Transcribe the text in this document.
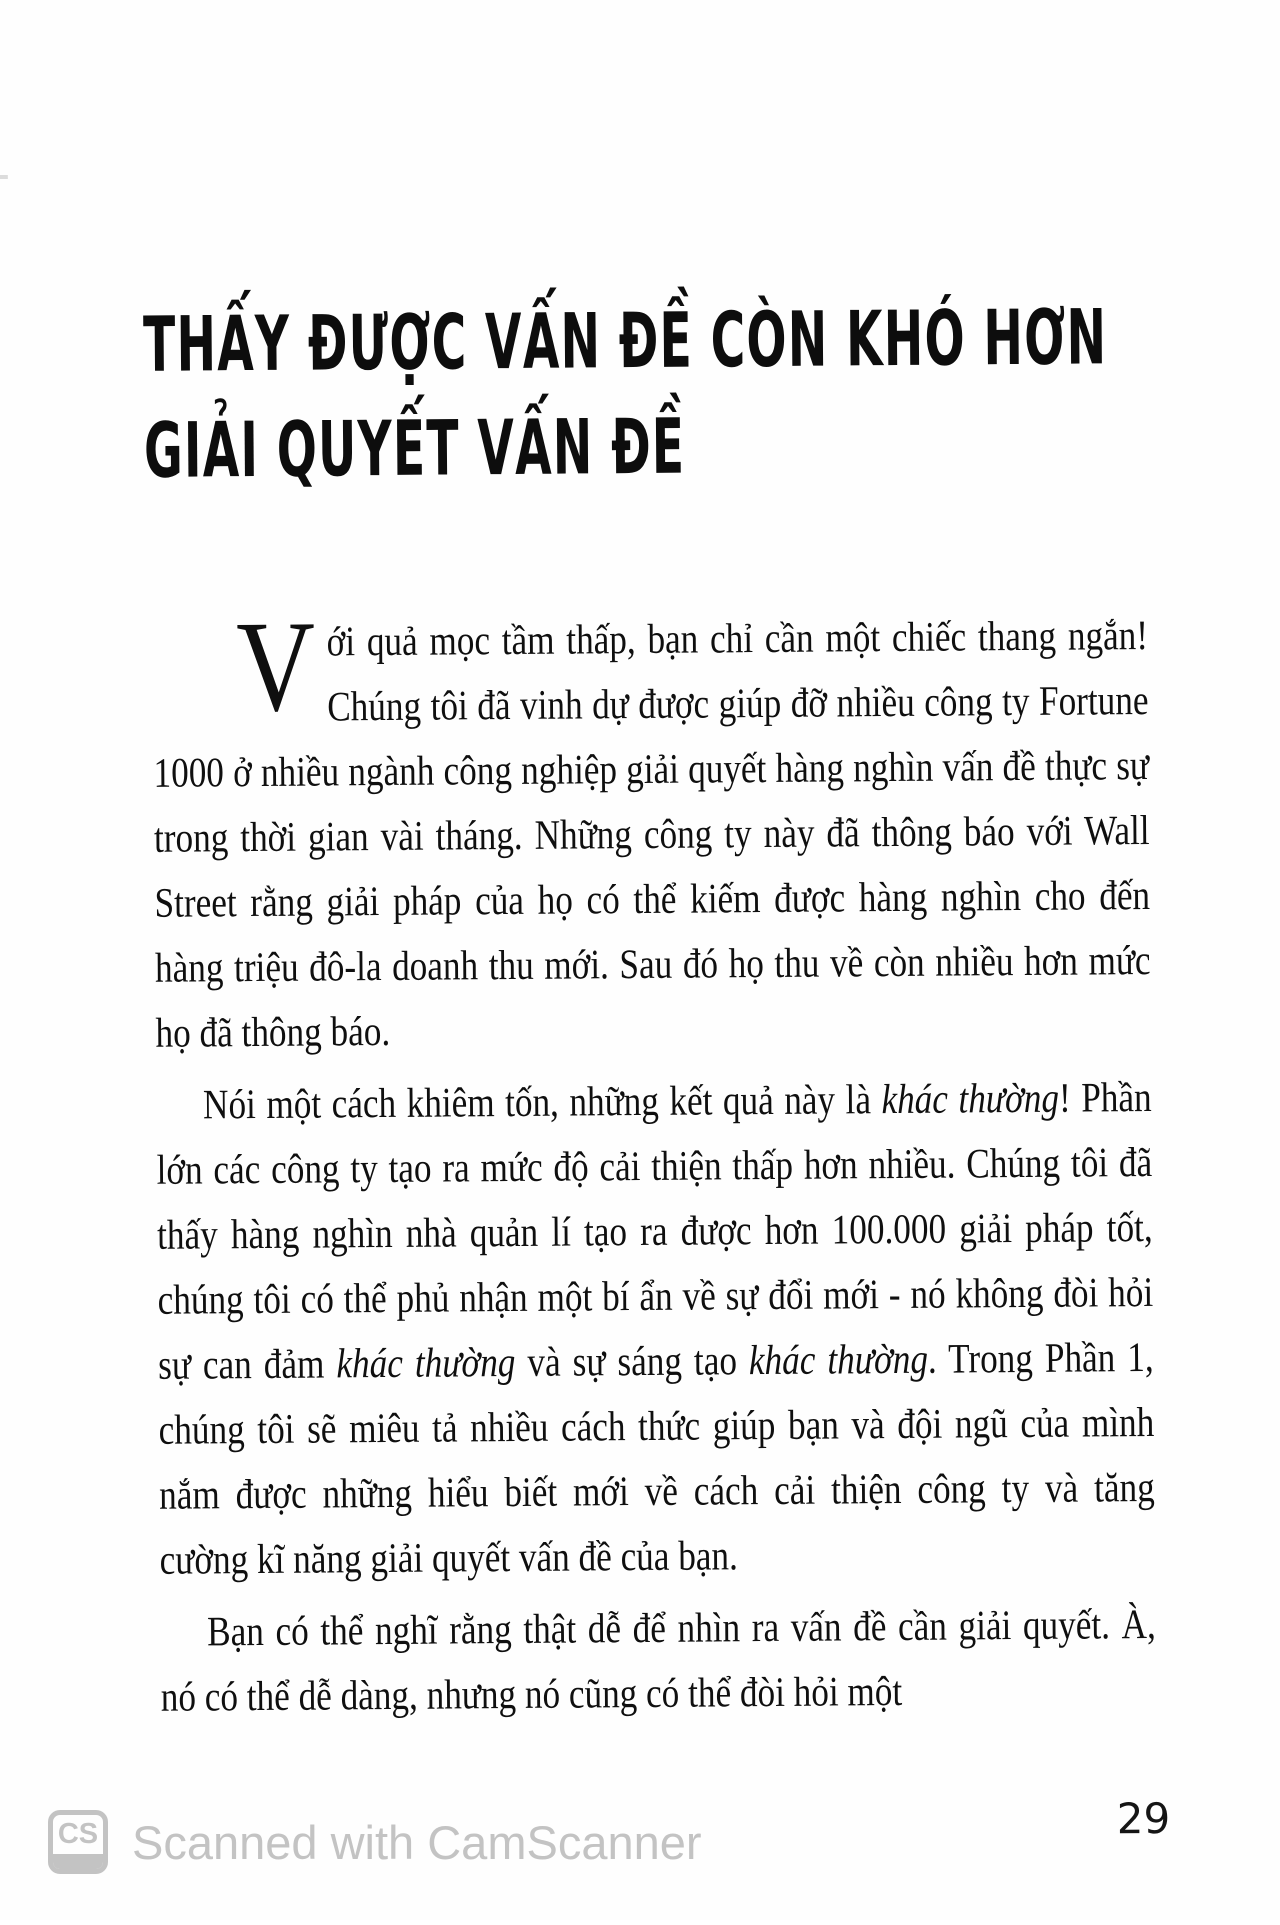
THẤY ĐƯỢC VẤN ĐỀ CÒN KHÓ HƠN
GIẢI QUYẾT VẤN ĐỀ

Với quả mọc tầm thấp, bạn chỉ cần một chiếc thang ngắn! Chúng tôi đã vinh dự được giúp đỡ nhiều công ty Fortune 1000 ở nhiều ngành công nghiệp giải quyết hàng nghìn vấn đề thực sự trong thời gian vài tháng. Những công ty này đã thông báo với Wall Street rằng giải pháp của họ có thể kiếm được hàng nghìn cho đến hàng triệu đô-la doanh thu mới. Sau đó họ thu về còn nhiều hơn mức họ đã thông báo.

Nói một cách khiêm tốn, những kết quả này là khác thường! Phần lớn các công ty tạo ra mức độ cải thiện thấp hơn nhiều. Chúng tôi đã thấy hàng nghìn nhà quản lí tạo ra được hơn 100.000 giải pháp tốt, chúng tôi có thể phủ nhận một bí ẩn về sự đổi mới - nó không đòi hỏi sự can đảm khác thường và sự sáng tạo khác thường. Trong Phần 1, chúng tôi sẽ miêu tả nhiều cách thức giúp bạn và đội ngũ của mình nắm được những hiểu biết mới về cách cải thiện công ty và tăng cường kĩ năng giải quyết vấn đề của bạn.

Bạn có thể nghĩ rằng thật dễ để nhìn ra vấn đề cần giải quyết. À, nó có thể dễ dàng, nhưng nó cũng có thể đòi hỏi một

29
CS Scanned with CamScanner
